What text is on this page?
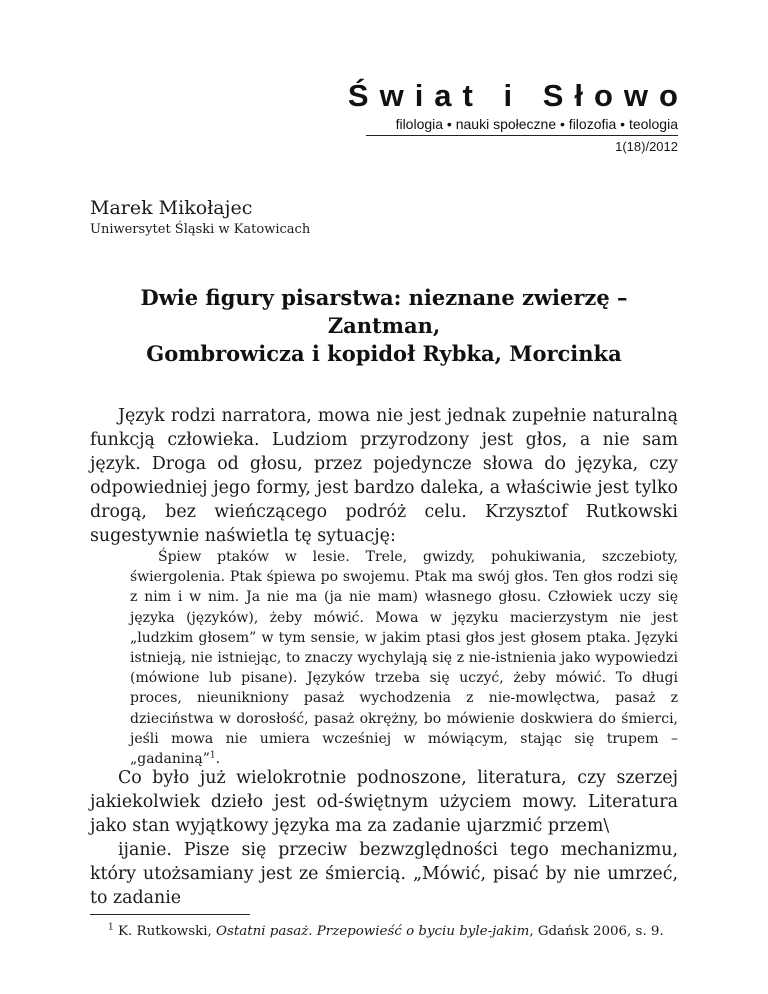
Świat i Słowo
filologia • nauki społeczne • filozofia • teologia
1(18)/2012
Marek Mikołajec
Uniwersytet Śląski w Katowicach
Dwie figury pisarstwa: nieznane zwierzę – Zantman,
Gombrowicza i kopidoł Rybka, Morcinka
Język rodzi narratora, mowa nie jest jednak zupełnie naturalną funkcją człowieka. Ludziom przyrodzony jest głos, a nie sam język. Droga od głosu, przez pojedyncze słowa do języka, czy odpowiedniej jego formy, jest bardzo daleka, a właściwie jest tylko drogą, bez wieńczącego podróż celu. Krzysztof Rutkowski sugestywnie naświetla tę sytuację:
Śpiew ptaków w lesie. Trele, gwizdy, pohukiwania, szczebioty, świergolenia. Ptak śpiewa po swojemu. Ptak ma swój głos. Ten głos rodzi się z nim i w nim. Ja nie ma (ja nie mam) własnego głosu. Człowiek uczy się języka (języków), żeby mówić. Mowa w języku macierzystym nie jest „ludzkim głosem” w tym sensie, w jakim ptasi głos jest głosem ptaka. Języki istnieją, nie istniejąc, to znaczy wychylają się z nie-istnienia jako wypowiedzi (mówione lub pisane). Języków trzeba się uczyć, żeby mówić. To długi proces, nieunikniony pasaż wychodzenia z nie-mowlęctwa, pasaż z dzieciństwa w dorosłość, pasaż okrężny, bo mówienie doskwiera do śmierci, jeśli mowa nie umiera wcześniej w mówiącym, stając się trupem – „gadaniną”$^1$.
Co było już wielokrotnie podnoszone, literatura, czy szerzej jakiekolwiek dzieło jest od-świętnym użyciem mowy. Literatura jako stan wyjątkowy języka ma za zadanie ujarzmić przem\
ijanie. Pisze się przeciw bezwzględności tego mechanizmu, który utożsamiany jest ze śmiercią. „Mówić, pisać by nie umrzeć, to zadanie
$^1$ K. Rutkowski, Ostatni pasaż. Przepowieść o byciu byle-jakim, Gdańsk 2006, s. 9.
